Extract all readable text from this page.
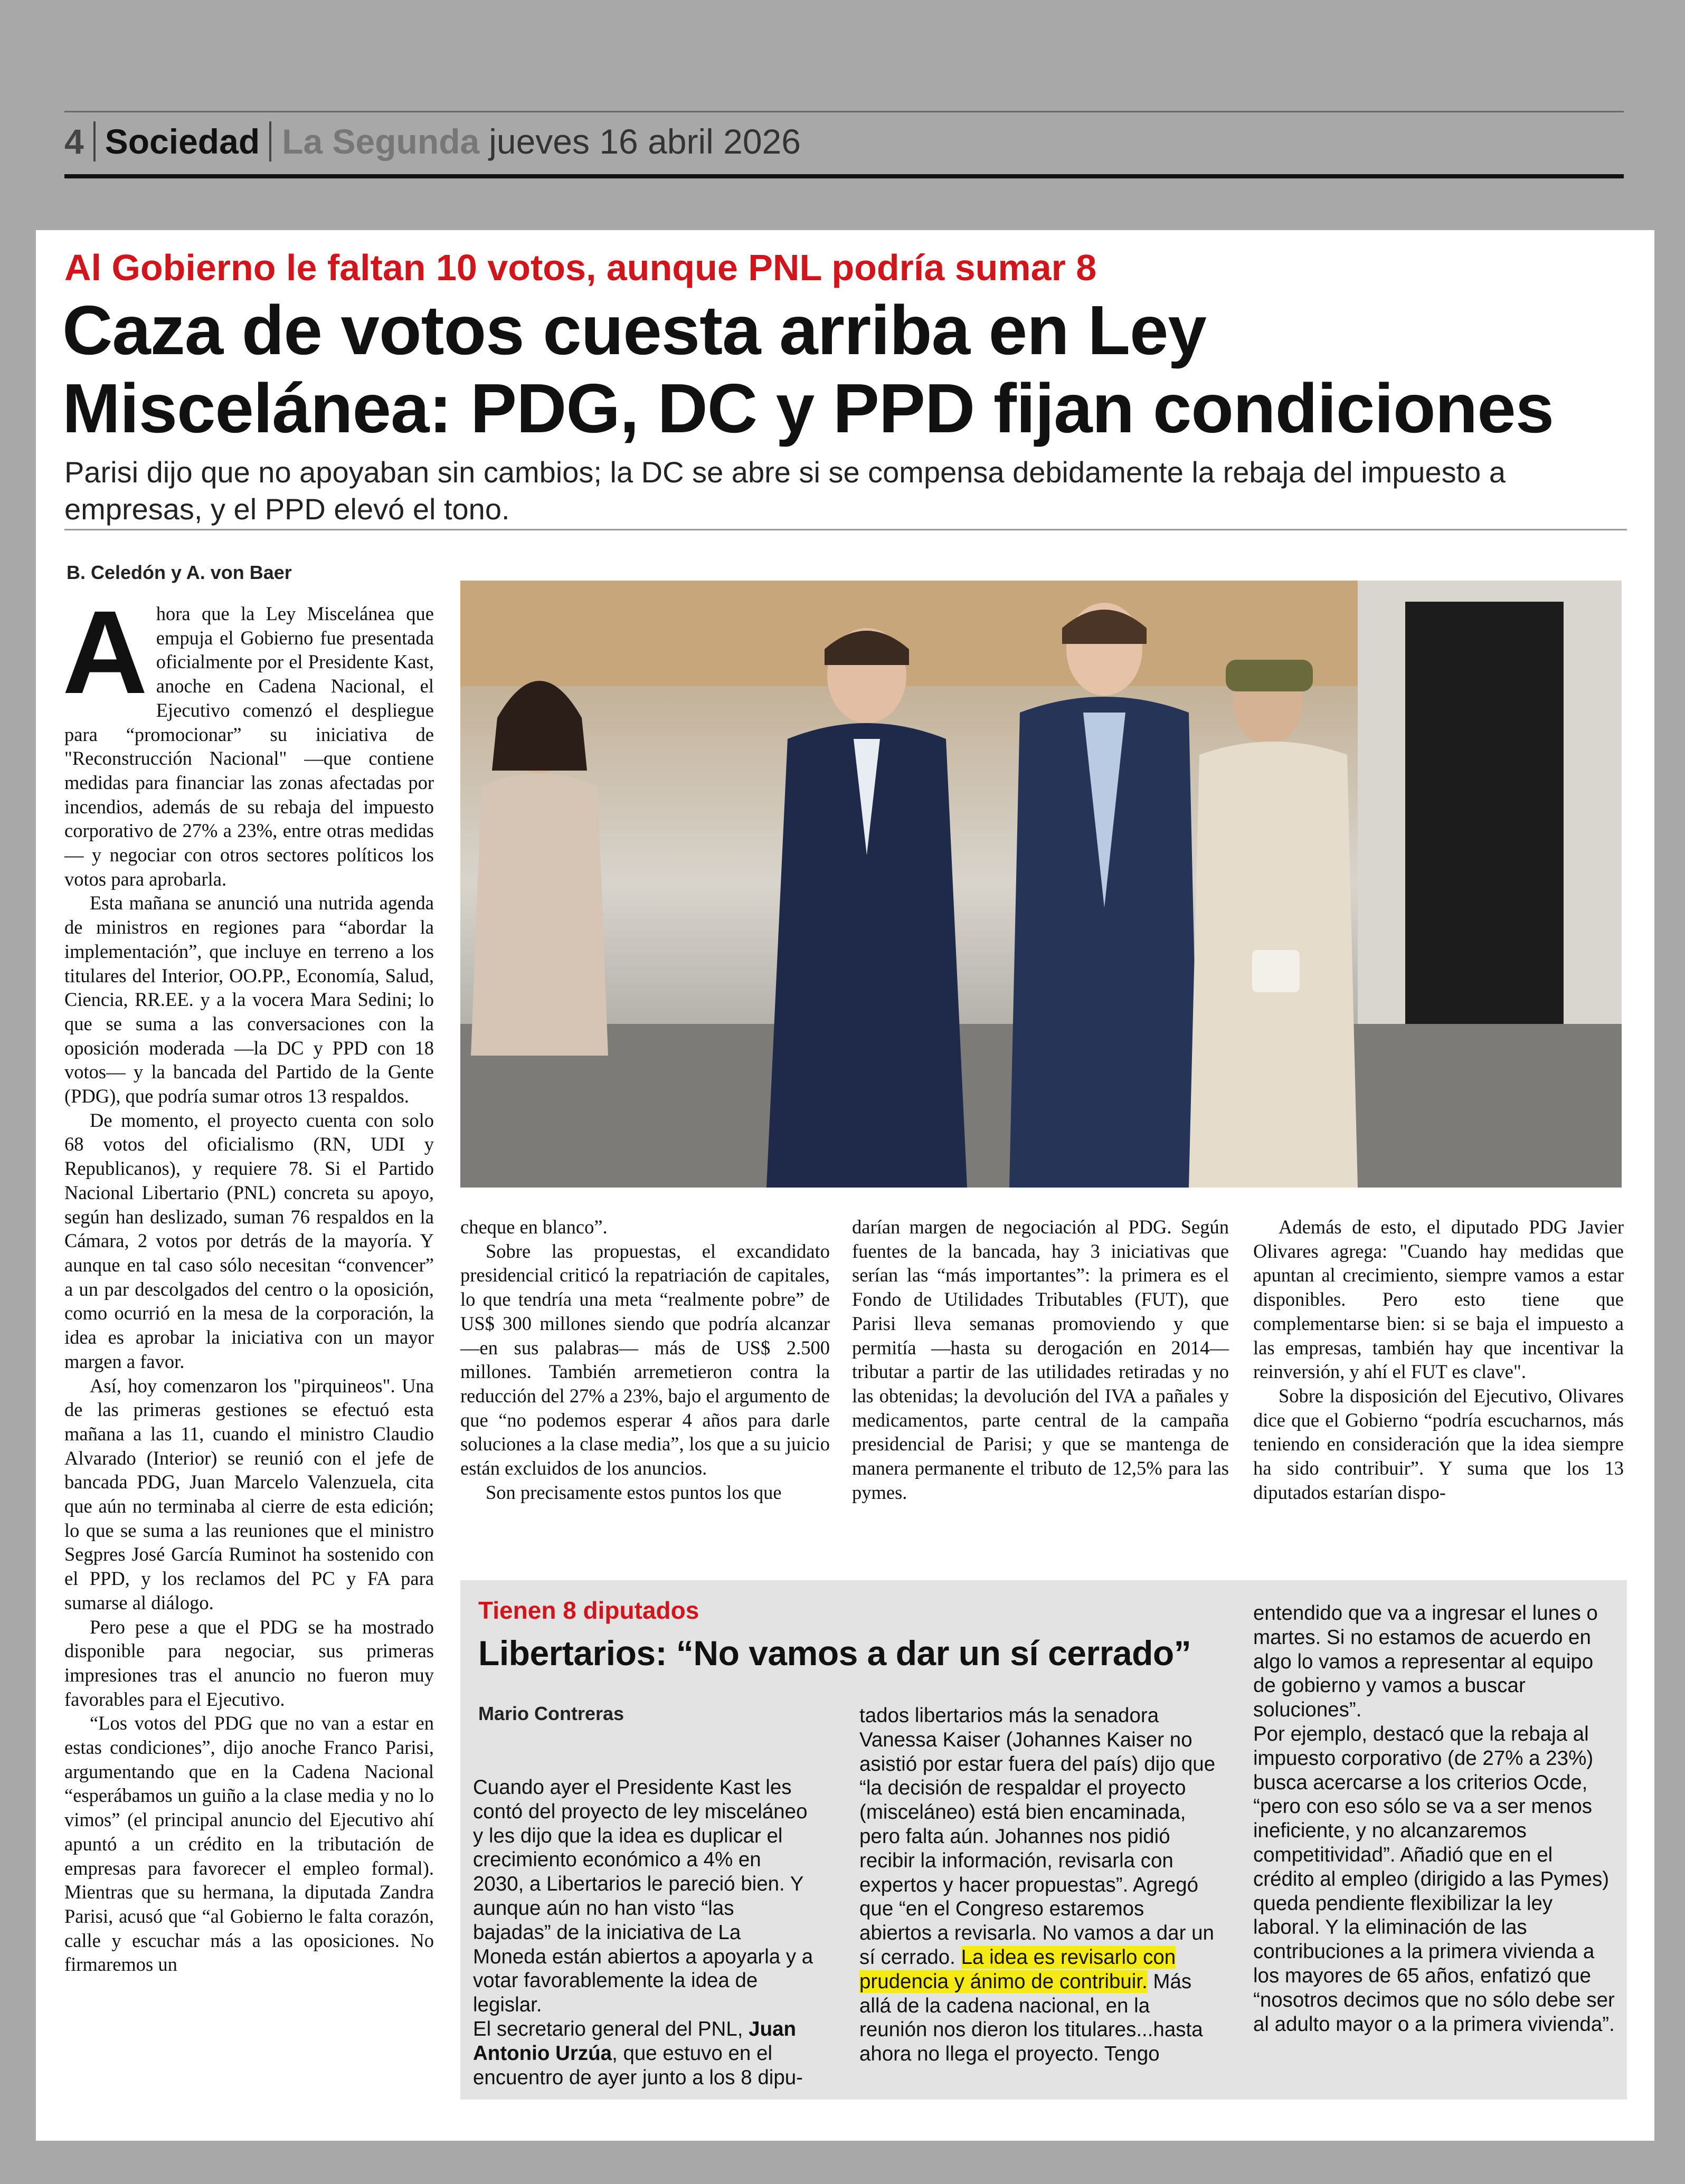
4 Sociedad La Segunda jueves 16 abril 2026
Al Gobierno le faltan 10 votos, aunque PNL podría sumar 8
Caza de votos cuesta arriba en Ley
Miscelánea: PDG, DC y PPD fijan condiciones
Parisi dijo que no apoyaban sin cambios; la DC se abre si se compensa debidamente la rebaja del impuesto a empresas, y el PPD elevó el tono.
B. Celedón y A. von Baer
A hora que la Ley Miscelánea que empuja el Gobierno fue presentada oficialmente por el Presidente Kast, anoche en Cadena Nacional, el Ejecutivo comenzó el despliegue para “promocionar” su iniciativa de "Reconstrucción Nacional" —que contiene medidas para financiar las zonas afectadas por incendios, además de su rebaja del impuesto corporativo de 27% a 23%, entre otras medidas— y negociar con otros sectores políticos los votos para aprobarla.

Esta mañana se anunció una nutrida agenda de ministros en regiones para “abordar la implementación”, que incluye en terreno a los titulares del Interior, OO.PP., Economía, Salud, Ciencia, RR.EE. y a la vocera Mara Sedini; lo que se suma a las conversaciones con la oposición moderada —la DC y PPD con 18 votos— y la bancada del Partido de la Gente (PDG), que podría sumar otros 13 respaldos.

De momento, el proyecto cuenta con solo 68 votos del oficialismo (RN, UDI y Republicanos), y requiere 78. Si el Partido Nacional Libertario (PNL) concreta su apoyo, según han deslizado, suman 76 respaldos en la Cámara, 2 votos por detrás de la mayoría. Y aunque en tal caso sólo necesitan “convencer” a un par descolgados del centro o la oposición, como ocurrió en la mesa de la corporación, la idea es aprobar la iniciativa con un mayor margen a favor.

Así, hoy comenzaron los "pirquineos". Una de las primeras gestiones se efectuó esta mañana a las 11, cuando el ministro Claudio Alvarado (Interior) se reunió con el jefe de bancada PDG, Juan Marcelo Valenzuela, cita que aún no terminaba al cierre de esta edición; lo que se suma a las reuniones que el ministro Segpres José García Ruminot ha sostenido con el PPD, y los reclamos del PC y FA para sumarse al diálogo.

Pero pese a que el PDG se ha mostrado disponible para negociar, sus primeras impresiones tras el anuncio no fueron muy favorables para el Ejecutivo.

“Los votos del PDG que no van a estar en estas condiciones”, dijo anoche Franco Parisi, argumentando que en la Cadena Nacional “esperábamos un guiño a la clase media y no lo vimos” (el principal anuncio del Ejecutivo ahí apuntó a un crédito en la tributación de empresas para favorecer el empleo formal). Mientras que su hermana, la diputada Zandra Parisi, acusó que “al Gobierno le falta corazón, calle y escuchar más a las oposiciones. No firmaremos un

cheque en blanco”.

Sobre las propuestas, el excandidato presidencial criticó la repatriación de capitales, lo que tendría una meta “realmente pobre” de US$ 300 millones siendo que podría alcanzar —en sus palabras— más de US$ 2.500 millones. También arremetieron contra la reducción del 27% a 23%, bajo el argumento de que “no podemos esperar 4 años para darle soluciones a la clase media”, los que a su juicio están excluidos de los anuncios.

Son precisamente estos puntos los que

darían margen de negociación al PDG. Según fuentes de la bancada, hay 3 iniciativas que serían las “más importantes”: la primera es el Fondo de Utilidades Tributables (FUT), que Parisi lleva semanas promoviendo y que permitía —hasta su derogación en 2014— tributar a partir de las utilidades retiradas y no las obtenidas; la devolución del IVA a pañales y medicamentos, parte central de la campaña presidencial de Parisi; y que se mantenga de manera permanente el tributo de 12,5% para las pymes.

Además de esto, el diputado PDG Javier Olivares agrega: "Cuando hay medidas que apuntan al crecimiento, siempre vamos a estar disponibles. Pero esto tiene que complementarse bien: si se baja el impuesto a las empresas, también hay que incentivar la reinversión, y ahí el FUT es clave".

Sobre la disposición del Ejecutivo, Olivares dice que el Gobierno “podría escucharnos, más teniendo en consideración que la idea siempre ha sido contribuir”. Y suma que los 13 diputados estarían dispo-

Tienen 8 diputados
Libertarios: “No vamos a dar un sí cerrado”
Mario Contreras

Cuando ayer el Presidente Kast les contó del proyecto de ley misceláneo y les dijo que la idea es duplicar el crecimiento económico a 4% en 2030, a Libertarios le pareció bien. Y aunque aún no han visto “las bajadas” de la iniciativa de La Moneda están abiertos a apoyarla y a votar favorablemente la idea de legislar.

El secretario general del PNL, Juan Antonio Urzúa, que estuvo en el encuentro de ayer junto a los 8 dipu-

tados libertarios más la senadora Vanessa Kaiser (Johannes Kaiser no asistió por estar fuera del país) dijo que “la decisión de respaldar el proyecto (misceláneo) está bien encaminada, pero falta aún. Johannes nos pidió recibir la información, revisarla con expertos y hacer propuestas”. Agregó que “en el Congreso estaremos abiertos a revisarla. No vamos a dar un sí cerrado. La idea es revisarlo con prudencia y ánimo de contribuir. Más allá de la cadena nacional, en la reunión nos dieron los titulares...hasta ahora no llega el proyecto. Tengo

entendido que va a ingresar el lunes o martes. Si no estamos de acuerdo en algo lo vamos a representar al equipo de gobierno y vamos a buscar soluciones”.

Por ejemplo, destacó que la rebaja al impuesto corporativo (de 27% a 23%) busca acercarse a los criterios Ocde, “pero con eso sólo se va a ser menos ineficiente, y no alcanzaremos competitividad”. Añadió que en el crédito al empleo (dirigido a las Pymes) queda pendiente flexibilizar la ley laboral. Y la eliminación de las contribuciones a la primera vivienda a los mayores de 65 años, enfatizó que “nosotros decimos que no sólo debe ser al adulto mayor o a la primera vivienda”.
